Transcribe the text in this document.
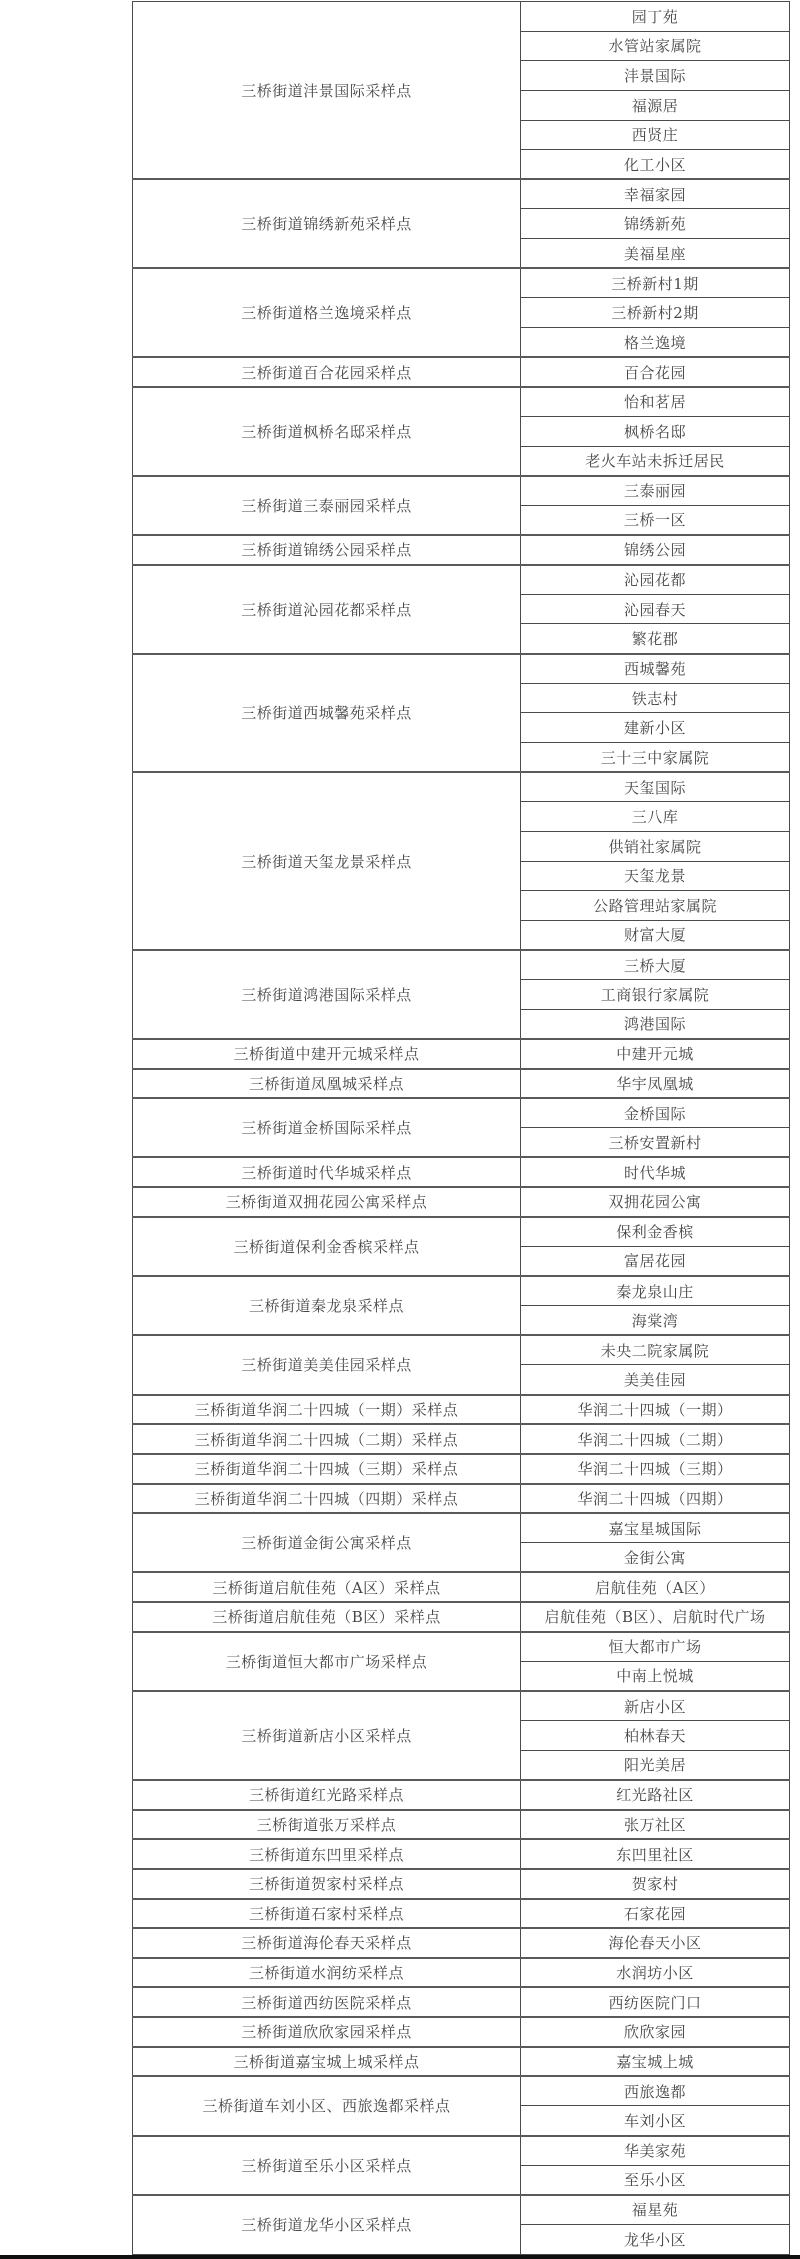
三桥街道沣景国际采样点	园丁苑
	水管站家属院
	沣景国际
	福源居
	西贤庄
	化工小区
三桥街道锦绣新苑采样点	幸福家园
	锦绣新苑
	美福星座
三桥街道格兰逸境采样点	三桥新村1期
	三桥新村2期
	格兰逸境
三桥街道百合花园采样点	百合花园
三桥街道枫桥名邸采样点	怡和茗居
	枫桥名邸
	老火车站未拆迁居民
三桥街道三泰丽园采样点	三泰丽园
	三桥一区
三桥街道锦绣公园采样点	锦绣公园
三桥街道沁园花都采样点	沁园花都
	沁园春天
	繁花郡
三桥街道西城馨苑采样点	西城馨苑
	铁志村
	建新小区
	三十三中家属院
三桥街道天玺龙景采样点	天玺国际
	三八库
	供销社家属院
	天玺龙景
	公路管理站家属院
	财富大厦
三桥街道鸿港国际采样点	三桥大厦
	工商银行家属院
	鸿港国际
三桥街道中建开元城采样点	中建开元城
三桥街道凤凰城采样点	华宇凤凰城
三桥街道金桥国际采样点	金桥国际
	三桥安置新村
三桥街道时代华城采样点	时代华城
三桥街道双拥花园公寓采样点	双拥花园公寓
三桥街道保利金香槟采样点	保利金香槟
	富居花园
三桥街道秦龙泉采样点	秦龙泉山庄
	海棠湾
三桥街道美美佳园采样点	未央二院家属院
	美美佳园
三桥街道华润二十四城（一期）采样点	华润二十四城（一期）
三桥街道华润二十四城（二期）采样点	华润二十四城（二期）
三桥街道华润二十四城（三期）采样点	华润二十四城（三期）
三桥街道华润二十四城（四期）采样点	华润二十四城（四期）
三桥街道金街公寓采样点	嘉宝星城国际
	金街公寓
三桥街道启航佳苑（A区）采样点	启航佳苑（A区）
三桥街道启航佳苑（B区）采样点	启航佳苑（B区）、启航时代广场
三桥街道恒大都市广场采样点	恒大都市广场
	中南上悦城
三桥街道新店小区采样点	新店小区
	柏林春天
	阳光美居
三桥街道红光路采样点	红光路社区
三桥街道张万采样点	张万社区
三桥街道东凹里采样点	东凹里社区
三桥街道贺家村采样点	贺家村
三桥街道石家村采样点	石家花园
三桥街道海伦春天采样点	海伦春天小区
三桥街道水润纺采样点	水润坊小区
三桥街道西纺医院采样点	西纺医院门口
三桥街道欣欣家园采样点	欣欣家园
三桥街道嘉宝城上城采样点	嘉宝城上城
三桥街道车刘小区、西旅逸都采样点	西旅逸都
	车刘小区
三桥街道至乐小区采样点	华美家苑
	至乐小区
三桥街道龙华小区采样点	福星苑
	龙华小区
